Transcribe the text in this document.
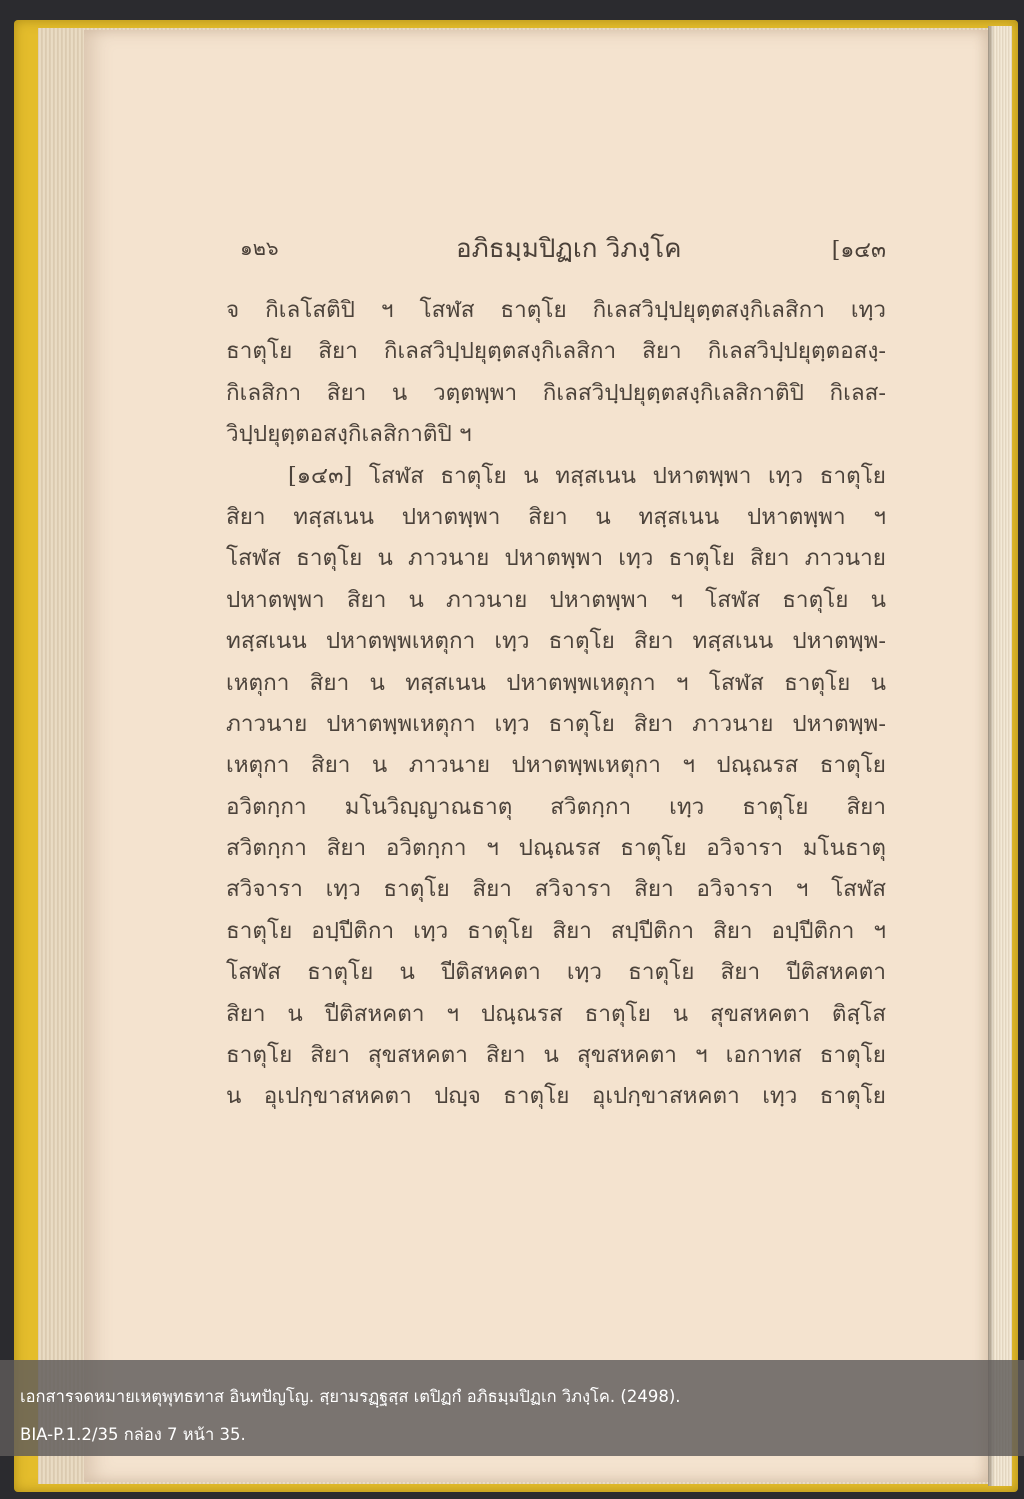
๑๒๖	อภิธมฺมปิฏเก วิภงฺโค	[๑๔๓
จ กิเลโสติปิ ฯ โสฬส ธาตุโย กิเลสวิปฺปยุตฺตสงฺกิเลสิกา เทฺว
ธาตุโย สิยา กิเลสวิปฺปยุตฺตสงฺกิเลสิกา สิยา กิเลสวิปฺปยุตฺตอสงฺ-
กิเลสิกา สิยา น วตฺตพฺพา กิเลสวิปฺปยุตฺตสงฺกิเลสิกาติปิ กิเลส-
วิปฺปยุตฺตอสงฺกิเลสิกาติปิ ฯ
[๑๔๓] โสฬส ธาตุโย น ทสฺสเนน ปหาตพฺพา เทฺว ธาตุโย
สิยา ทสฺสเนน ปหาตพฺพา สิยา น ทสฺสเนน ปหาตพฺพา ฯ
โสฬส ธาตุโย น ภาวนาย ปหาตพฺพา เทฺว ธาตุโย สิยา ภาวนาย
ปหาตพฺพา สิยา น ภาวนาย ปหาตพฺพา ฯ โสฬส ธาตุโย น
ทสฺสเนน ปหาตพฺพเหตุกา เทฺว ธาตุโย สิยา ทสฺสเนน ปหาตพฺพ-
เหตุกา สิยา น ทสฺสเนน ปหาตพฺพเหตุกา ฯ โสฬส ธาตุโย น
ภาวนาย ปหาตพฺพเหตุกา เทฺว ธาตุโย สิยา ภาวนาย ปหาตพฺพ-
เหตุกา สิยา น ภาวนาย ปหาตพฺพเหตุกา ฯ ปณฺณรส ธาตุโย
อวิตกฺกา มโนวิญฺญาณธาตุ สวิตกฺกา เทฺว ธาตุโย สิยา
สวิตกฺกา สิยา อวิตกฺกา ฯ ปณฺณรส ธาตุโย อวิจารา มโนธาตุ
สวิจารา เทฺว ธาตุโย สิยา สวิจารา สิยา อวิจารา ฯ โสฬส
ธาตุโย อปฺปีติกา เทฺว ธาตุโย สิยา สปฺปีติกา สิยา อปฺปีติกา ฯ
โสฬส ธาตุโย น ปีติสหคตา เทฺว ธาตุโย สิยา ปีติสหคตา
สิยา น ปีติสหคตา ฯ ปณฺณรส ธาตุโย น สุขสหคตา ติสฺโส
ธาตุโย สิยา สุขสหคตา สิยา น สุขสหคตา ฯ เอกาทส ธาตุโย
น อุเปกฺขาสหคตา ปญฺจ ธาตุโย อุเปกฺขาสหคตา เทฺว ธาตุโย
เอกสารจดหมายเหตุพุทธทาส อินทปัญโญ. สฺยามรฏฺฐสฺส เตปิฏกํ อภิธมฺมปิฏเก วิภงฺโค. (2498).
BIA-P.1.2/35 กล่อง 7 หน้า 35.
